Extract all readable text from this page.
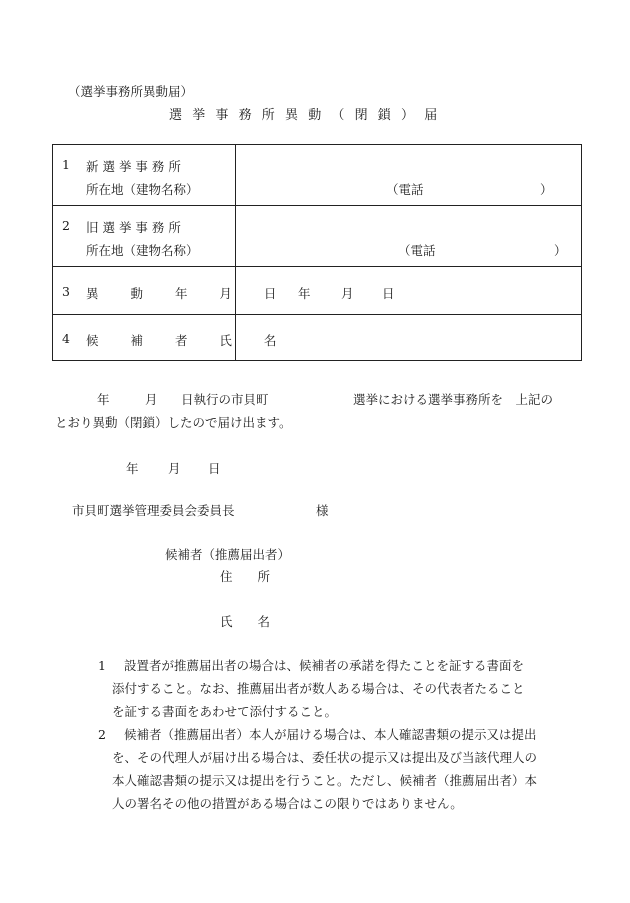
（選挙事務所異動届）
選 挙 事 務 所 異 動 （ 閉 鎖 ） 届
1 新 選 挙 事 務 所
所在地（建物名称）	（電話 ）

2 旧 選 挙 事 務 所
所在地（建物名称）	（電話 ）

3 異 動 年 月 日	年 月 日

4 候 補 者 氏 名	

年	月 日執行の市貝町	選挙における選挙事務所を　上記の
とおり異動（閉鎖）したので届け出ます。
年 月 日
市貝町選挙管理委員会委員長	様
候補者（推薦届出者）
住　　所
氏　　名
1 設置者が推薦届出者の場合は、候補者の承諾を得たことを証する書面を
添付すること。なお、推薦届出者が数人ある場合は、その代表者たること
を証する書面をあわせて添付すること。
2 候補者（推薦届出者）本人が届ける場合は、本人確認書類の提示又は提出
を、その代理人が届け出る場合は、委任状の提示又は提出及び当該代理人の
本人確認書類の提示又は提出を行うこと。ただし、候補者（推薦届出者）本
人の署名その他の措置がある場合はこの限りではありません。
